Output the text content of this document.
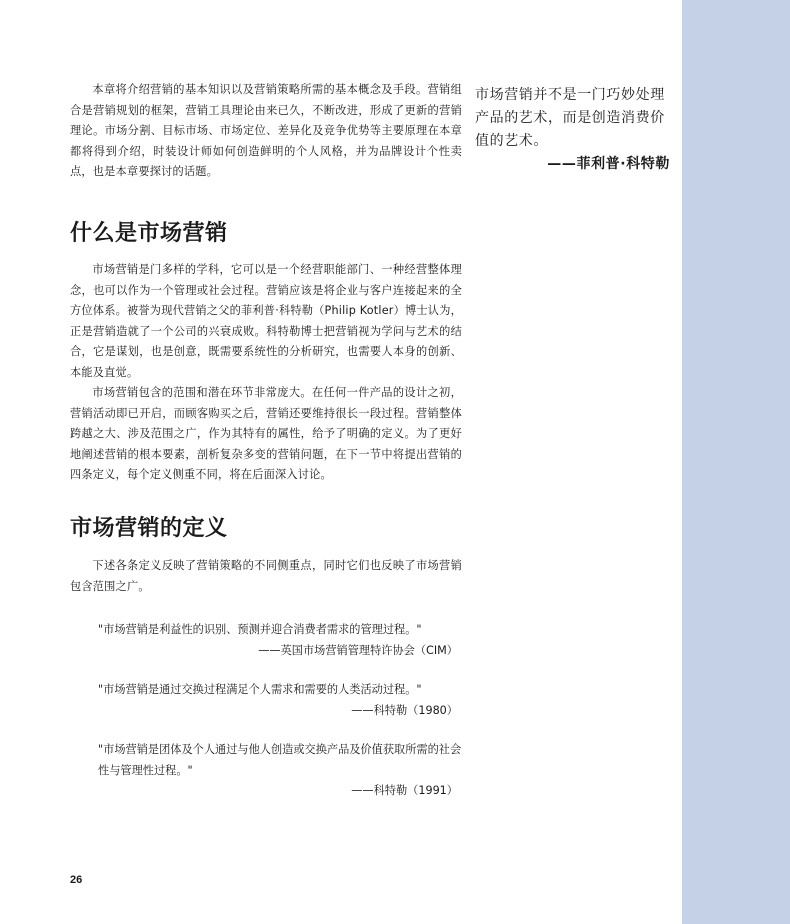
本章将介绍营销的基本知识以及营销策略所需的基本概念及手段。营销组合是营销规划的框架，营销工具理论由来已久，不断改进，形成了更新的营销理论。市场分割、目标市场、市场定位、差异化及竞争优势等主要原理在本章都将得到介绍，时装设计师如何创造鲜明的个人风格，并为品牌设计个性卖点，也是本章要探讨的话题。

市场营销并不是一门巧妙处理产品的艺术，而是创造消费价值的艺术。
——菲利普·科特勒
什么是市场营销

市场营销是门多样的学科，它可以是一个经营职能部门、一种经营整体理念，也可以作为一个管理或社会过程。营销应该是将企业与客户连接起来的全方位体系。被誉为现代营销之父的菲利普·科特勒（Philip Kotler）博士认为，正是营销造就了一个公司的兴衰成败。科特勒博士把营销视为学问与艺术的结合，它是谋划，也是创意，既需要系统性的分析研究，也需要人本身的创新、本能及直觉。

市场营销包含的范围和潜在环节非常庞大。在任何一件产品的设计之初，营销活动即已开启，而顾客购买之后，营销还要维持很长一段过程。营销整体跨越之大、涉及范围之广，作为其特有的属性，给予了明确的定义。为了更好地阐述营销的根本要素，剖析复杂多变的营销问题，在下一节中将提出营销的四条定义，每个定义侧重不同，将在后面深入讨论。

市场营销的定义

下述各条定义反映了营销策略的不同侧重点，同时它们也反映了市场营销包含范围之广。

"市场营销是利益性的识别、预测并迎合消费者需求的管理过程。"
——英国市场营销管理特许协会（CIM）
"市场营销是通过交换过程满足个人需求和需要的人类活动过程。"
——科特勒（1980）
"市场营销是团体及个人通过与他人创造或交换产品及价值获取所需的社会性与管理性过程。"
——科特勒（1991）
26
